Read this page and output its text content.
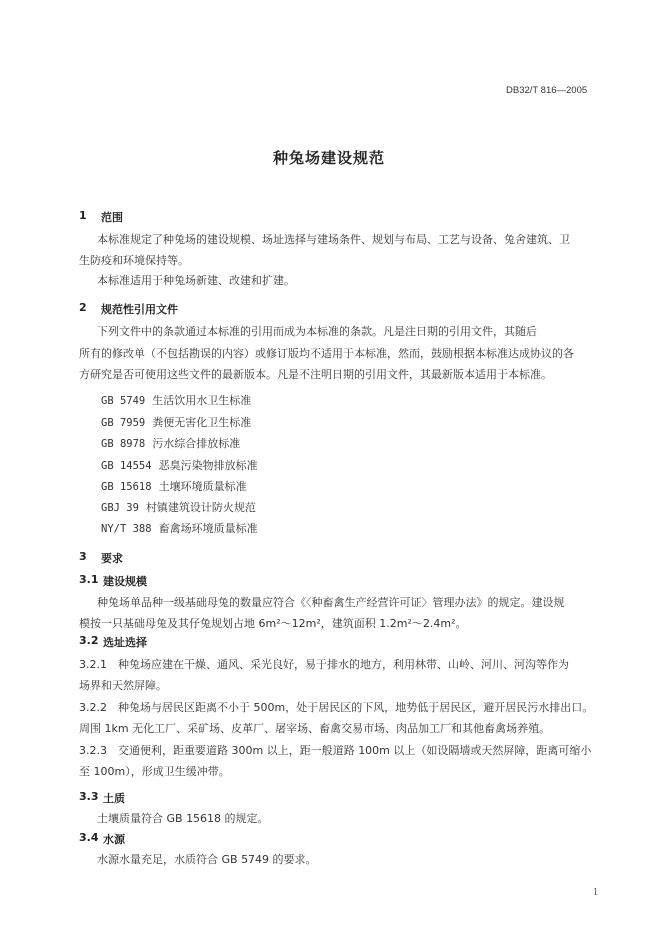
DB32/T 816—2005
种兔场建设规范
1 范围
本标准规定了种兔场的建设规模、场址选择与建场条件、规划与布局、工艺与设备、兔舍建筑、卫
生防疫和环境保持等。
本标准适用于种兔场新建、改建和扩建。
2 规范性引用文件
下列文件中的条款通过本标准的引用而成为本标准的条款。凡是注日期的引用文件，其随后
所有的修改单（不包括勘误的内容）或修订版均不适用于本标准，然而，鼓励根据本标准达成协议的各
方研究是否可使用这些文件的最新版本。凡是不注明日期的引用文件，其最新版本适用于本标准。
GB 5749 生活饮用水卫生标准
GB 7959 粪便无害化卫生标准
GB 8978 污水综合排放标准
GB 14554 恶臭污染物排放标准
GB 15618 土壤环境质量标准
GBJ 39 村镇建筑设计防火规范
NY/T 388 畜禽场环境质量标准
3 要求
3.1 建设规模
种兔场单品种一级基础母兔的数量应符合《〈种畜禽生产经营许可证〉管理办法》的规定。建设规
模按一只基础母兔及其仔兔规划占地 6m²～12m²，建筑面积 1.2m²～2.4m²。
3.2 选址选择
3.2.1　种兔场应建在干燥、通风、采光良好，易于排水的地方，利用林带、山岭、河川、河沟等作为
场界和天然屏障。
3.2.2　种兔场与居民区距离不小于 500m，处于居民区的下风，地势低于居民区，避开居民污水排出口。
周围 1km 无化工厂、采矿场、皮革厂、屠宰场、畜禽交易市场、肉品加工厂和其他畜禽场养殖。
3.2.3　交通便利，距重要道路 300m 以上，距一般道路 100m 以上（如设隔墙或天然屏障，距离可缩小
至 100m），形成卫生缓冲带。
3.3 土质
土壤质量符合 GB 15618 的规定。
3.4 水源
水源水量充足，水质符合 GB 5749 的要求。
1
